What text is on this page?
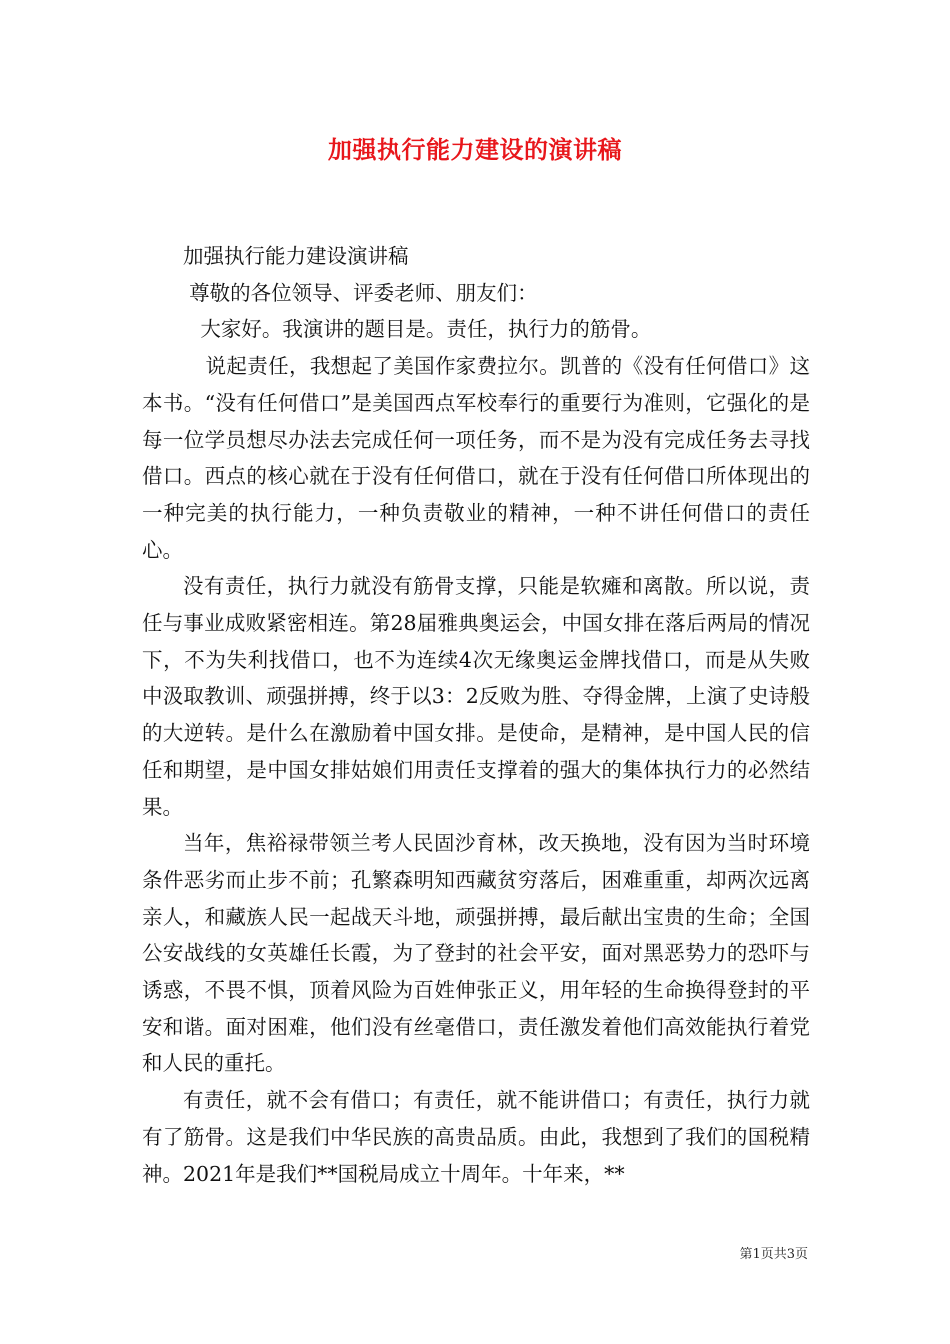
加强执行能力建设的演讲稿

加强执行能力建设演讲稿

尊敬的各位领导、评委老师、朋友们：

大家好。我演讲的题目是。责任，执行力的筋骨。

说起责任，我想起了美国作家费拉尔。凯普的《没有任何借口》这本书。“没有任何借口”是美国西点军校奉行的重要行为准则，它强化的是每一位学员想尽办法去完成任何一项任务，而不是为没有完成任务去寻找借口。西点的核心就在于没有任何借口，就在于没有任何借口所体现出的一种完美的执行能力，一种负责敬业的精神，一种不讲任何借口的责任心。

没有责任，执行力就没有筋骨支撑，只能是软瘫和离散。所以说，责任与事业成败紧密相连。第28届雅典奥运会，中国女排在落后两局的情况下，不为失利找借口，也不为连续4次无缘奥运金牌找借口，而是从失败中汲取教训、顽强拼搏，终于以3：2反败为胜、夺得金牌，上演了史诗般的大逆转。是什么在激励着中国女排。是使命，是精神，是中国人民的信任和期望，是中国女排姑娘们用责任支撑着的强大的集体执行力的必然结果。

当年，焦裕禄带领兰考人民固沙育林，改天换地，没有因为当时环境条件恶劣而止步不前；孔繁森明知西藏贫穷落后，困难重重，却两次远离亲人，和藏族人民一起战天斗地，顽强拼搏，最后献出宝贵的生命；全国公安战线的女英雄任长霞，为了登封的社会平安，面对黑恶势力的恐吓与诱惑，不畏不惧，顶着风险为百姓伸张正义，用年轻的生命换得登封的平安和谐。面对困难，他们没有丝毫借口，责任激发着他们高效能执行着党和人民的重托。

有责任，就不会有借口；有责任，就不能讲借口；有责任，执行力就有了筋骨。这是我们中华民族的高贵品质。由此，我想到了我们的国税精神。2021年是我们**国税局成立十周年。十年来，**

第1页共3页
